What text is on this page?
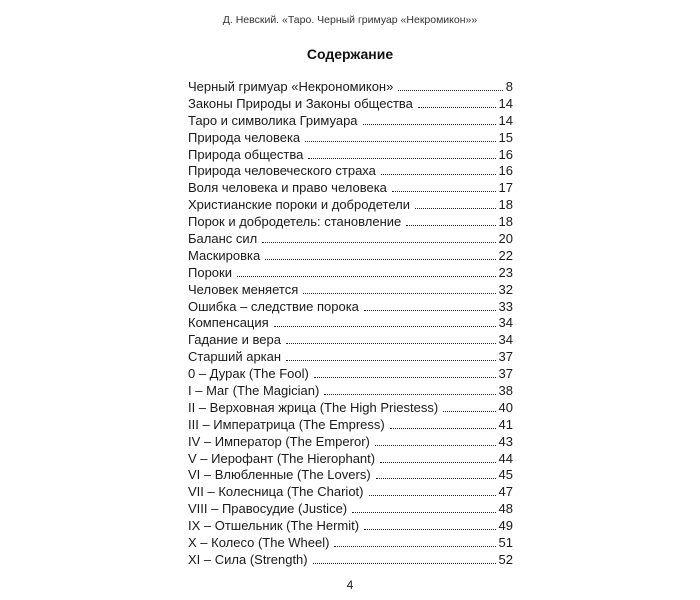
Д. Невский. «Таро. Черный гримуар «Некромикон»»
Содержание
Черный гримуар «Некрономикон»	8
Законы Природы и Законы общества	14
Таро и символика Гримуара	14
Природа человека	15
Природа общества	16
Природа человеческого страха	16
Воля человека и право человека	17
Христианские пороки и добродетели	18
Порок и добродетель: становление	18
Баланс сил	20
Маскировка	22
Пороки	23
Человек меняется	32
Ошибка – следствие порока	33
Компенсация	34
Гадание и вера	34
Старший аркан	37
0 – Дурак (The Fool)	37
I – Маг (The Magician)	38
II – Верховная жрица (The High Priestess)	40
III – Императрица (The Empress)	41
IV – Император (The Emperor)	43
V – Иерофант (The Hierophant)	44
VI – Влюбленные (The Lovers)	45
VII – Колесница (The Chariot)	47
VIII – Правосудие (Justice)	48
IX – Отшельник (The Hermit)	49
X – Колесо (The Wheel)	51
XI – Сила (Strength)	52
4
